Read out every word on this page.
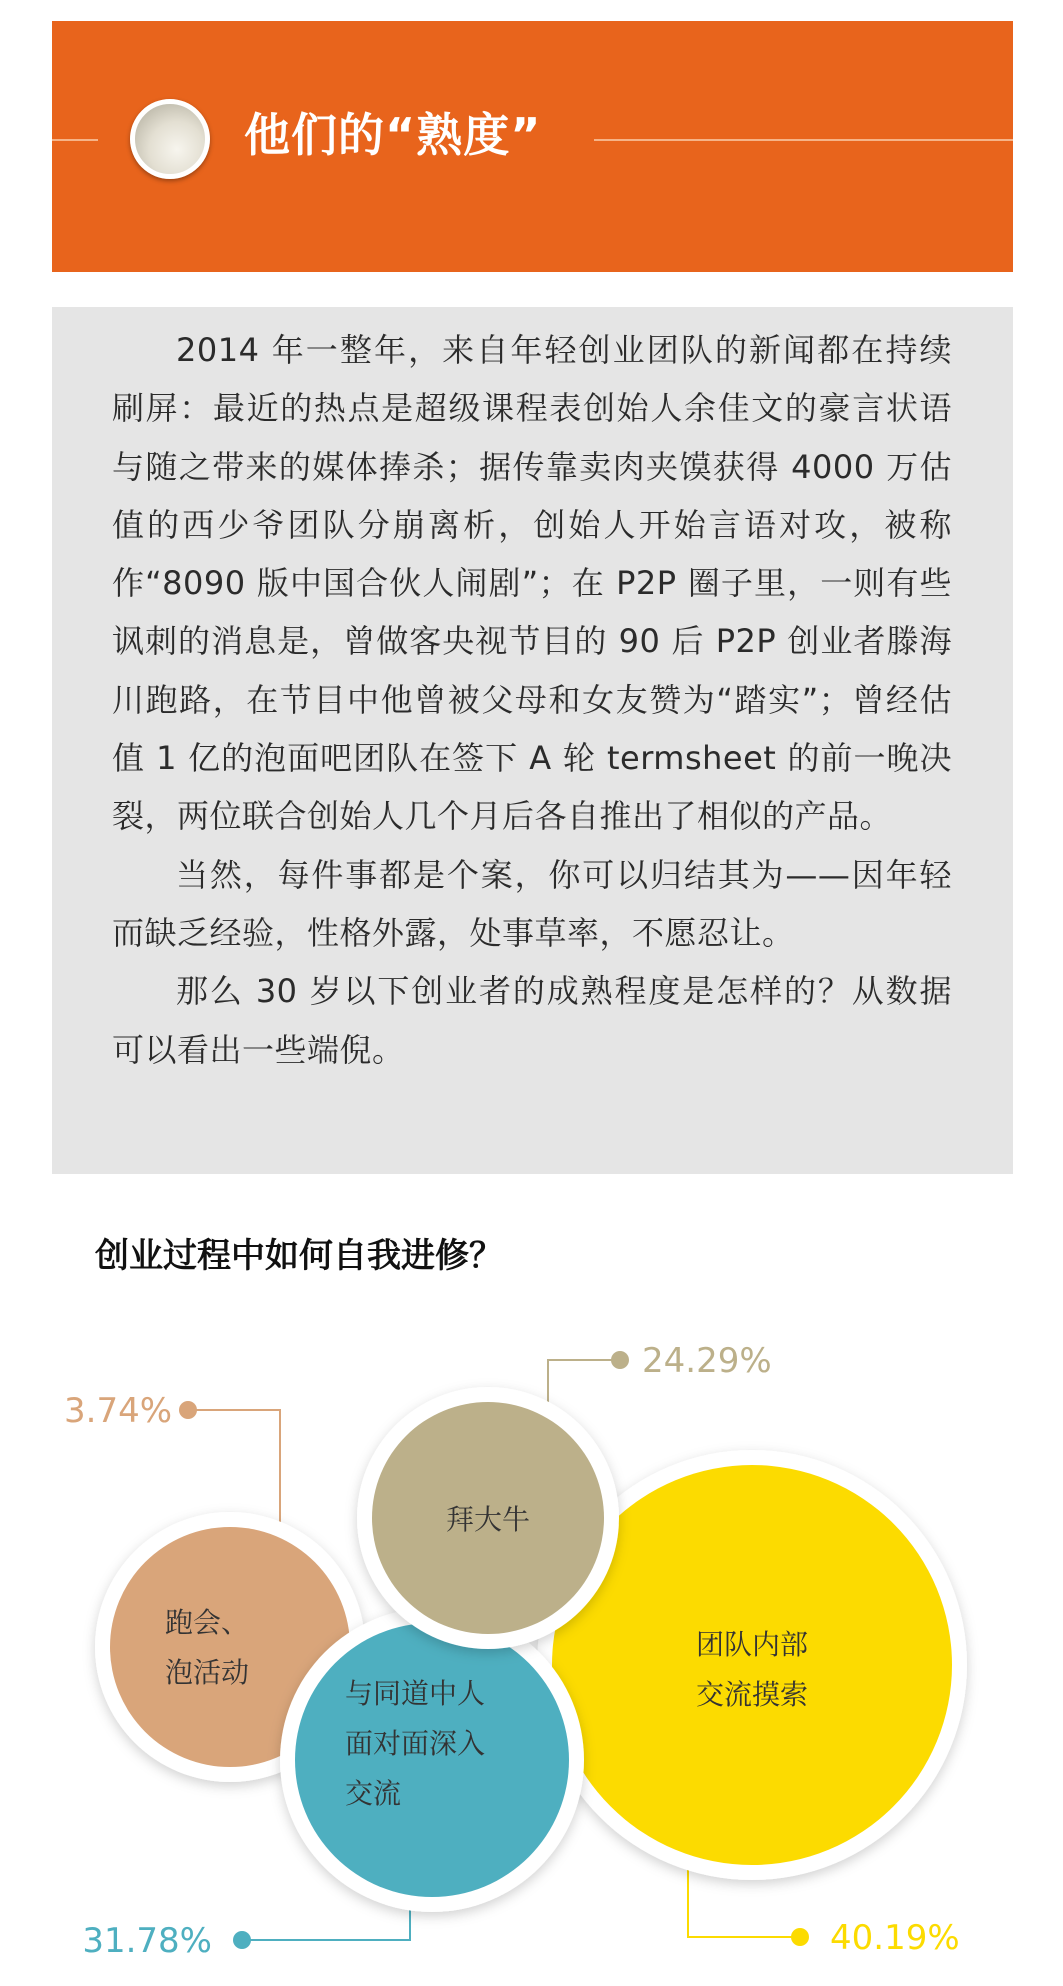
他们的“熟度”

2014 年一整年，来自年轻创业团队的新闻都在持续刷屏：最近的热点是超级课程表创始人余佳文的豪言状语与随之带来的媒体捧杀；据传靠卖肉夹馍获得 4000 万估值的西少爷团队分崩离析，创始人开始言语对攻，被称作“8090 版中国合伙人闹剧”；在 P2P 圈子里，一则有些讽刺的消息是，曾做客央视节目的 90 后 P2P 创业者滕海川跑路，在节目中他曾被父母和女友赞为“踏实”；曾经估值 1 亿的泡面吧团队在签下 A 轮 termsheet 的前一晚决裂，两位联合创始人几个月后各自推出了相似的产品。

当然，每件事都是个案，你可以归结其为——因年轻而缺乏经验，性格外露，处事草率，不愿忍让。

那么 30 岁以下创业者的成熟程度是怎样的？从数据可以看出一些端倪。

创业过程中如何自我进修？
3.74%
24.29%
31.78%	40.19%
跑会、
泡活动
团队内部
交流摸索
与同道中人
面对面深入
交流
拜大牛
